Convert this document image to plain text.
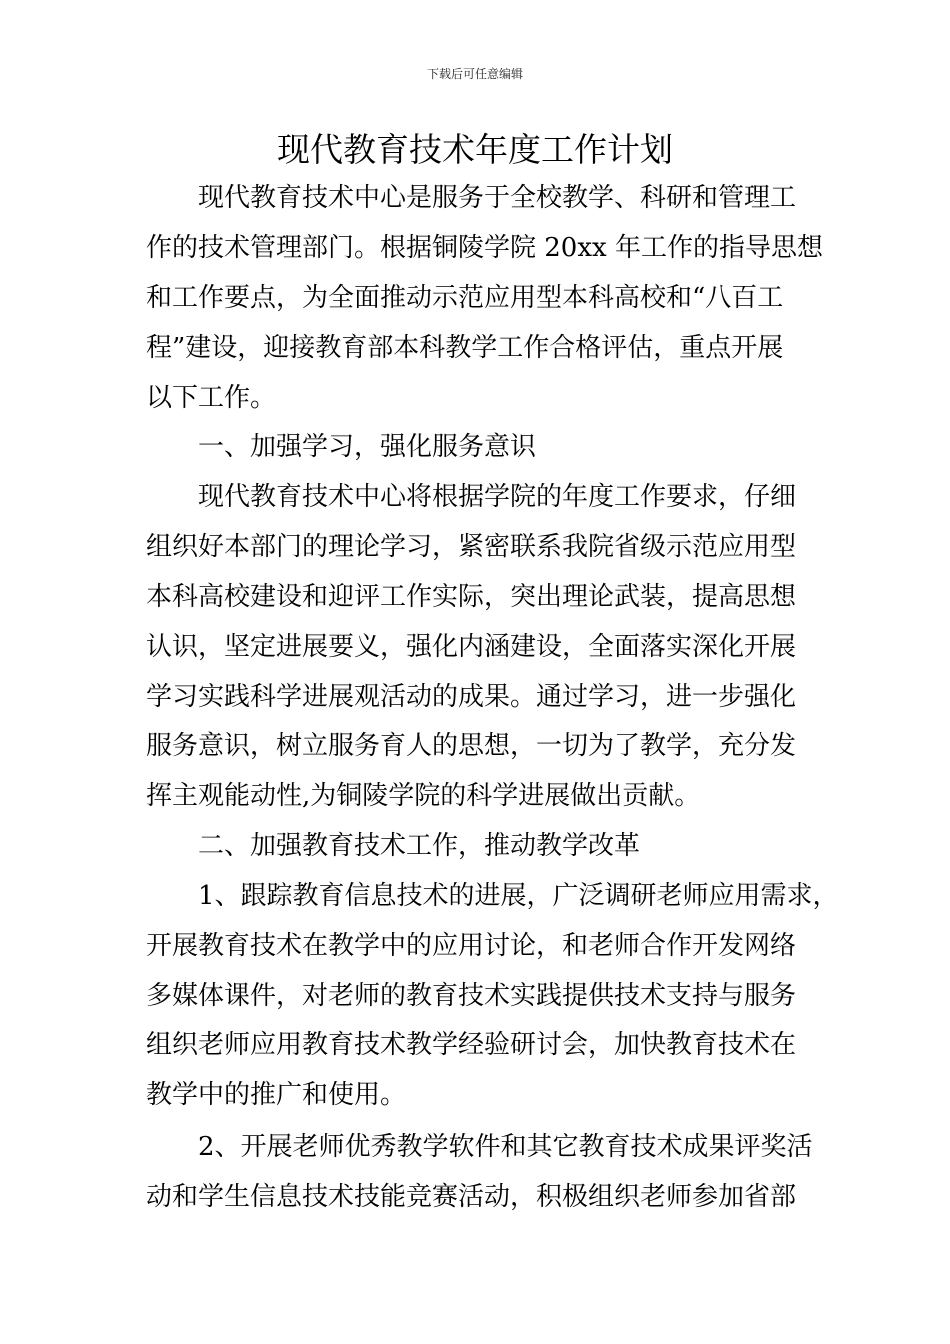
下载后可任意编辑
现代教育技术年度工作计划
　　现代教育技术中心是服务于全校教学、科研和管理工
作的技术管理部门。根据铜陵学院 20xx 年工作的指导思想
和工作要点，为全面推动示范应用型本科高校和“八百工
程”建设，迎接教育部本科教学工作合格评估，重点开展
以下工作。
　　一、加强学习，强化服务意识
　　现代教育技术中心将根据学院的年度工作要求，仔细
组织好本部门的理论学习，紧密联系我院省级示范应用型
本科高校建设和迎评工作实际，突出理论武装，提高思想
认识，坚定进展要义，强化内涵建设，全面落实深化开展
学习实践科学进展观活动的成果。通过学习，进一步强化
服务意识，树立服务育人的思想，一切为了教学，充分发
挥主观能动性,为铜陵学院的科学进展做出贡献。
　　二、加强教育技术工作，推动教学改革
　　1、跟踪教育信息技术的进展，广泛调研老师应用需求，
开展教育技术在教学中的应用讨论，和老师合作开发网络
多媒体课件，对老师的教育技术实践提供技术支持与服务
组织老师应用教育技术教学经验研讨会，加快教育技术在
教学中的推广和使用。
　　2、开展老师优秀教学软件和其它教育技术成果评奖活
动和学生信息技术技能竞赛活动，积极组织老师参加省部
